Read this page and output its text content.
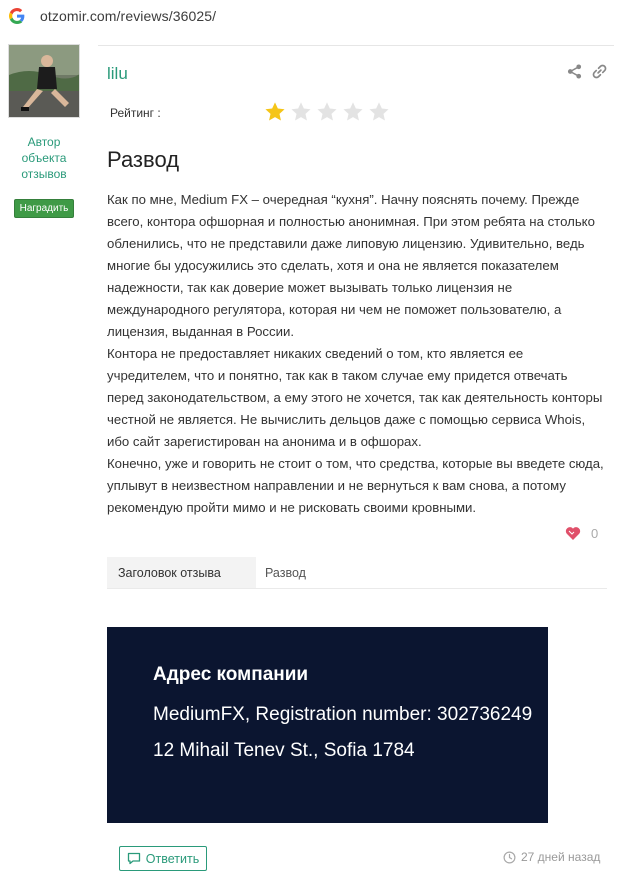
otzomir.com/reviews/36025/
Автор объекта отзывов
Наградить
lilu
Рейтинг :
Развод

Как по мне, Medium FX – очередная “кухня”. Начну пояснять почему. Прежде всего, контора офшорная и полностью анонимная. При этом ребята на столько обленились, что не представили даже липовую лицензию. Удивительно, ведь многие бы удосужились это сделать, хотя и она не является показателем надежности, так как доверие может вызывать только лицензия не международного регулятора, которая ни чем не поможет пользователю, а лицензия, выданная в России.

Контора не предоставляет никаких сведений о том, кто является ее учредителем, что и понятно, так как в таком случае ему придется отвечать перед законодательством, а ему этого не хочется, так как деятельность конторы честной не является. Не вычислить дельцов даже с помощью сервиса Whois, ибо сайт зарегистирован на анонима и в офшорах.

Конечно, уже и говорить не стоит о том, что средства, которые вы введете сюда, уплывут в неизвестном направлении и не вернуться к вам снова, а потому рекомендую пройти мимо и не рисковать своими кровными.

0
Заголовок отзыва	Развод
Адрес компании
MediumFX, Registration number: 302736249 12 Mihail Tenev St., Sofia 1784
Ответить	27 дней назад
